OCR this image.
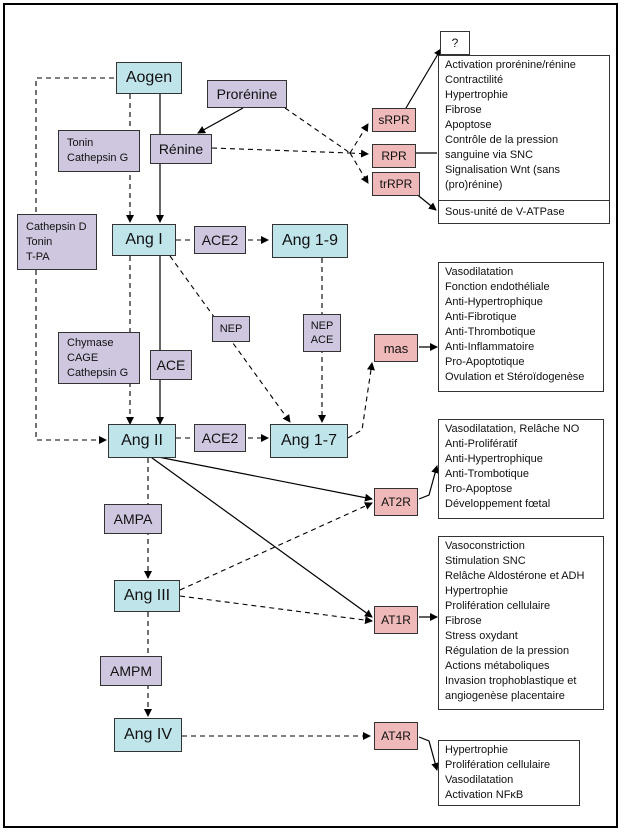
Aogen
Ang I	Ang 1-9
Ang II	Ang 1-7
Ang III
Ang IV
Prorénine
Rénine
Tonin
Cathepsin G
Cathepsin D
Tonin
T-PA
ACE2
NEP	NEP
ACE
Chymase
CAGE
Cathepsin G	ACE
ACE2
AMPA
AMPM
sRPR
RPR
trRPR
mas
AT2R
AT1R
AT4R
?
Activation prorénine/rénine
Contractilité
Hypertrophie
Fibrose
Apoptose
Contrôle de la pression
sanguine via SNC
Signalisation Wnt (sans
(pro)rénine)
Sous-unité de V-ATPase
Vasodilatation
Fonction endothéliale
Anti-Hypertrophique
Anti-Fibrotique
Anti-Thrombotique
Anti-Inflammatoire
Pro-Apoptotique
Ovulation et Stéroïdogenèse
Vasodilatation, Relâche NO
Anti-Prolifératif
Anti-Hypertrophique
Anti-Trombotique
Pro-Apoptose
Développement fœtal
Vasoconstriction
Stimulation SNC
Relâche Aldostérone et ADH
Hypertrophie
Prolifération cellulaire
Fibrose
Stress oxydant
Régulation de la pression
Actions métaboliques
Invasion trophoblastique et
angiogenèse placentaire
Hypertrophie
Prolifération cellulaire
Vasodilatation
Activation NFκB
